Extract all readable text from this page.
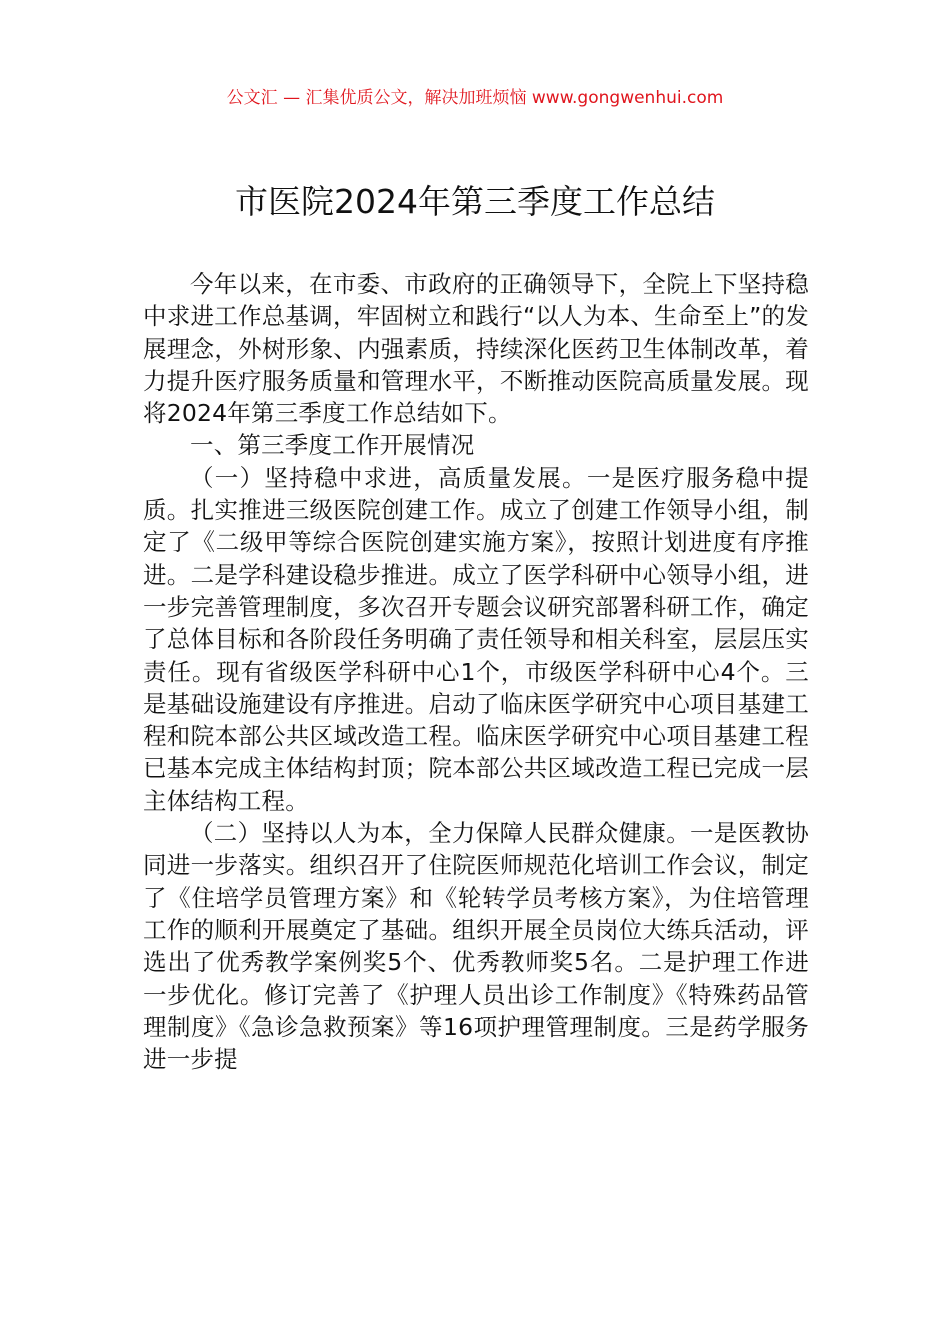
公文汇 — 汇集优质公文，解决加班烦恼 www.gongwenhui.com
市医院2024年第三季度工作总结

今年以来，在市委、市政府的正确领导下，全院上下坚持稳中求进工作总基调，牢固树立和践行“以人为本、生命至上”的发展理念，外树形象、内强素质，持续深化医药卫生体制改革，着力提升医疗服务质量和管理水平，不断推动医院高质量发展。现将2024年第三季度工作总结如下。

一、第三季度工作开展情况

（一）坚持稳中求进，高质量发展。一是医疗服务稳中提质。扎实推进三级医院创建工作。成立了创建工作领导小组，制定了《二级甲等综合医院创建实施方案》，按照计划进度有序推进。二是学科建设稳步推进。成立了医学科研中心领导小组，进一步完善管理制度，多次召开专题会议研究部署科研工作，确定了总体目标和各阶段任务明确了责任领导和相关科室，层层压实责任。现有省级医学科研中心1个，市级医学科研中心4个。三是基础设施建设有序推进。启动了临床医学研究中心项目基建工程和院本部公共区域改造工程。临床医学研究中心项目基建工程已基本完成主体结构封顶；院本部公共区域改造工程已完成一层主体结构工程。

（二）坚持以人为本，全力保障人民群众健康。一是医教协同进一步落实。组织召开了住院医师规范化培训工作会议，制定了《住培学员管理方案》和《轮转学员考核方案》，为住培管理工作的顺利开展奠定了基础。组织开展全员岗位大练兵活动，评选出了优秀教学案例奖5个、优秀教师奖5名。二是护理工作进一步优化。修订完善了《护理人员出诊工作制度》《特殊药品管理制度》《急诊急救预案》等16项护理管理制度。三是药学服务进一步提
